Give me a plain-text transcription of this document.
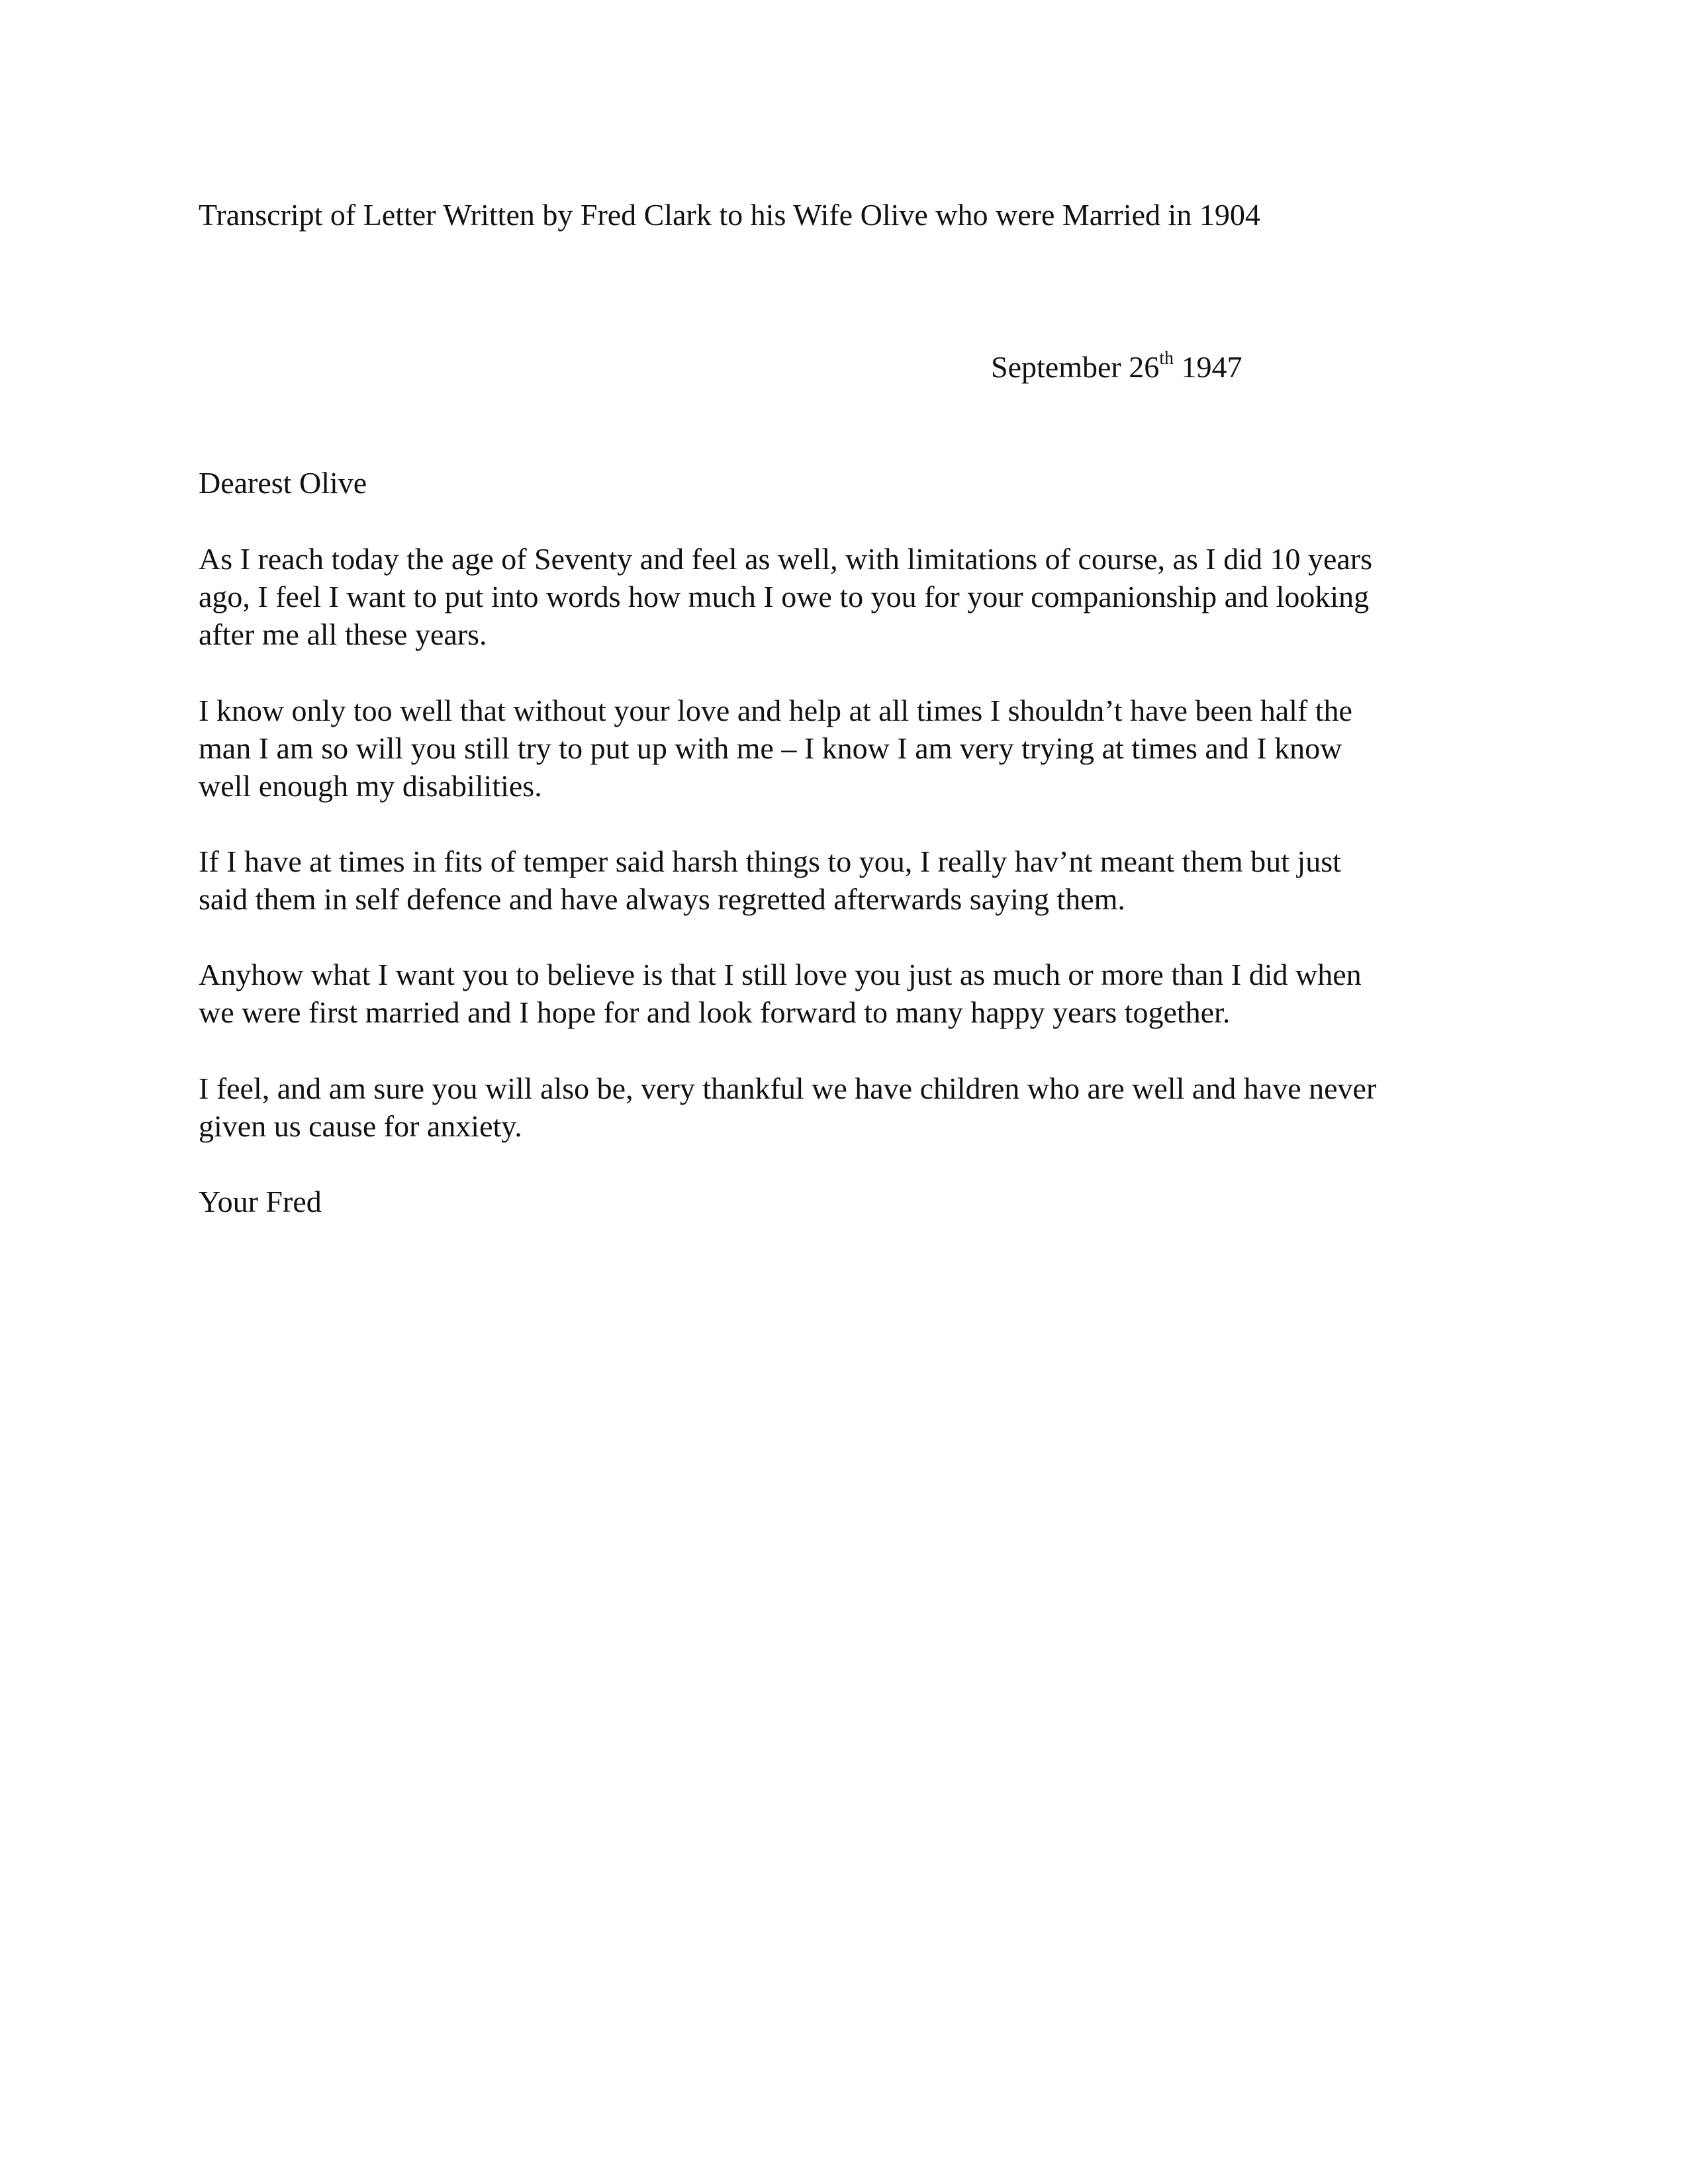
Transcript of Letter Written by Fred Clark to his Wife Olive who were Married in 1904

September 26th 1947

Dearest Olive

As I reach today the age of Seventy and feel as well, with limitations of course, as I did 10 years
ago, I feel I want to put into words how much I owe to you for your companionship and looking
after me all these years.

I know only too well that without your love and help at all times I shouldn’t have been half the
man I am so will you still try to put up with me – I know I am very trying at times and I know
well enough my disabilities.

If I have at times in fits of temper said harsh things to you, I really hav’nt meant them but just
said them in self defence and have always regretted afterwards saying them.

Anyhow what I want you to believe is that I still love you just as much or more than I did when
we were first married and I hope for and look forward to many happy years together.

I feel, and am sure you will also be, very thankful we have children who are well and have never
given us cause for anxiety.

Your Fred
